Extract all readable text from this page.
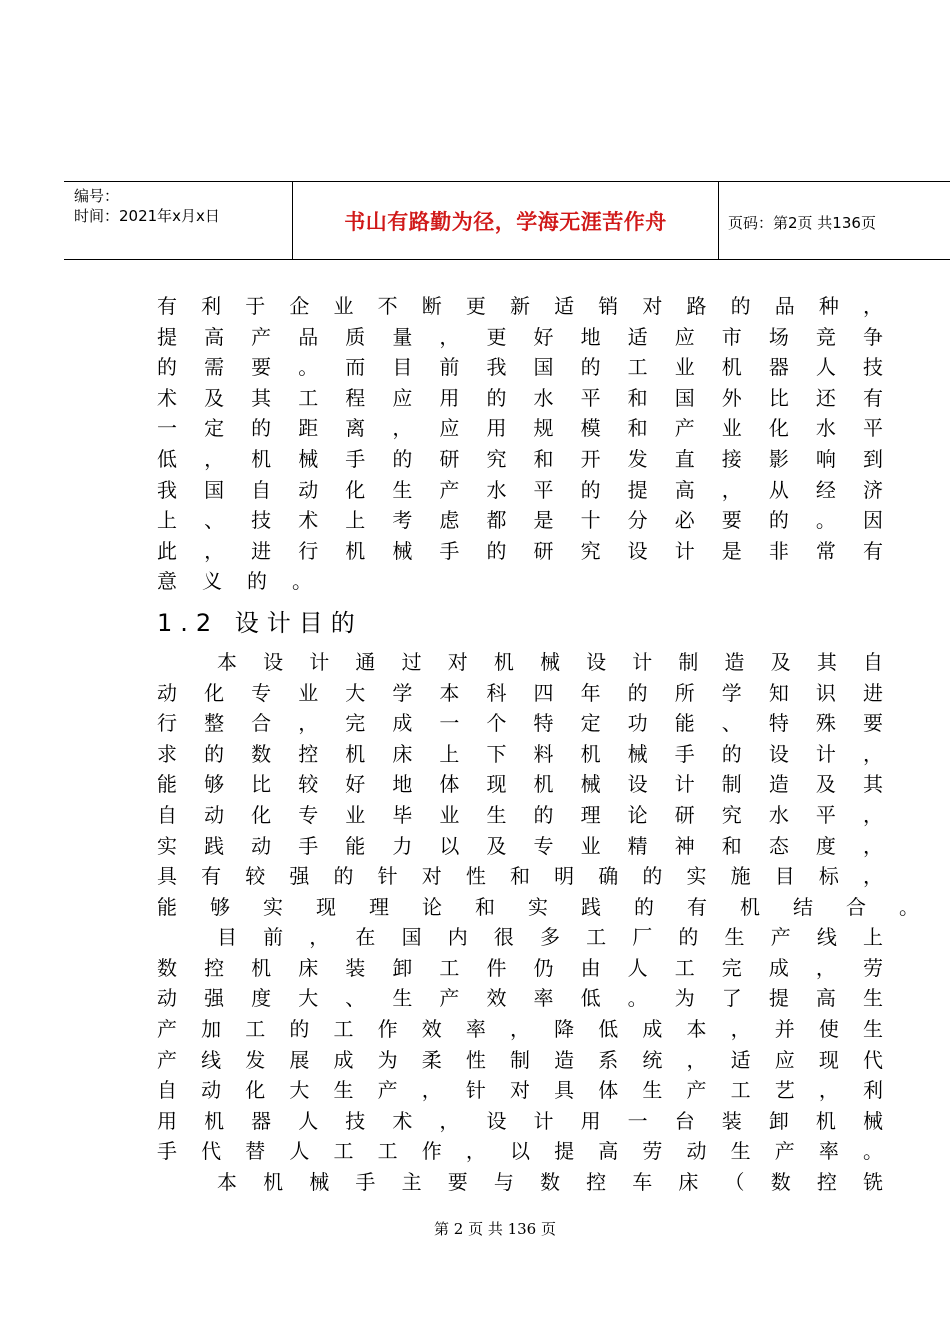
编号：
时间：2021年x月x日	书山有路勤为径，学海无涯苦作舟	页码：第2页 共136页
有 利 于 企 业 不 断 更 新 适 销 对 路 的 品 种 ，
提 高 产 品 质 量 ， 更 好 地 适 应 市 场 竞 争
的 需 要 。 而 目 前 我 国 的 工 业 机 器 人 技
术 及 其 工 程 应 用 的 水 平 和 国 外 比 还 有
一 定 的 距 离 ， 应 用 规 模 和 产 业 化 水 平
低 ， 机 械 手 的 研 究 和 开 发 直 接 影 响 到
我 国 自 动 化 生 产 水 平 的 提 高 ， 从 经 济
上 、 技 术 上 考 虑 都 是 十 分 必 要 的 。 因
此 ， 进 行 机 械 手 的 研 究 设 计 是 非 常 有
意 义 的 。
1.2 设计目的
本 设 计 通 过 对 机 械 设 计 制 造 及 其 自
动 化 专 业 大 学 本 科 四 年 的 所 学 知 识 进
行 整 合 ， 完 成 一 个 特 定 功 能 、 特 殊 要
求 的 数 控 机 床 上 下 料 机 械 手 的 设 计 ，
能 够 比 较 好 地 体 现 机 械 设 计 制 造 及 其
自 动 化 专 业 毕 业 生 的 理 论 研 究 水 平 ，
实 践 动 手 能 力 以 及 专 业 精 神 和 态 度 ，
具 有 较 强 的 针 对 性 和 明 确 的 实 施 目 标 ，
能 够 实 现 理 论 和 实 践 的 有 机 结 合 。
目 前 ， 在 国 内 很 多 工 厂 的 生 产 线 上
数 控 机 床 装 卸 工 件 仍 由 人 工 完 成 ， 劳
动 强 度 大 、 生 产 效 率 低 。 为 了 提 高 生
产 加 工 的 工 作 效 率 ， 降 低 成 本 ， 并 使 生
产 线 发 展 成 为 柔 性 制 造 系 统 ， 适 应 现 代
自 动 化 大 生 产 ， 针 对 具 体 生 产 工 艺 ， 利
用 机 器 人 技 术 ， 设 计 用 一 台 装 卸 机 械
手 代 替 人 工 工 作 ， 以 提 高 劳 动 生 产 率 。
本 机 械 手 主 要 与 数 控 车 床 （ 数 控 铣
第 2 页 共 136 页
